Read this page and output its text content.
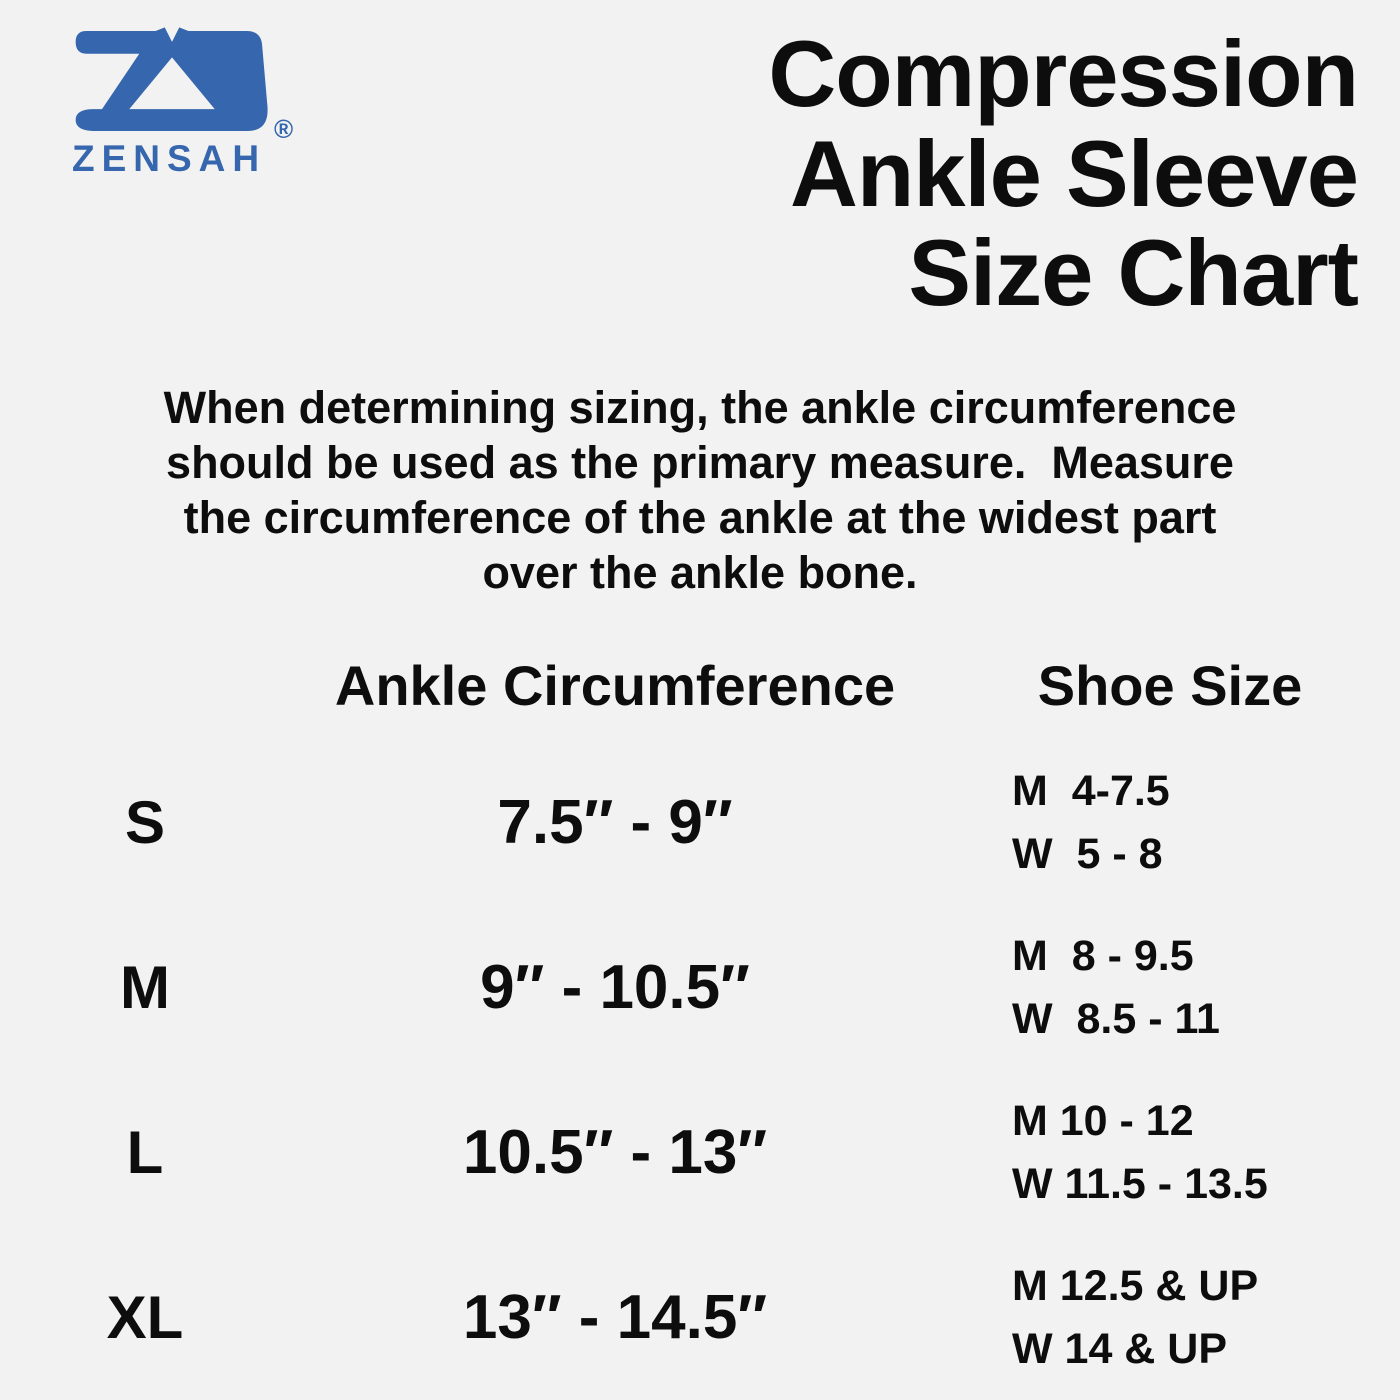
®
ZENSAH
Compression
Ankle Sleeve
Size Chart
When determining sizing, the ankle circumference
should be used as the primary measure.  Measure
the circumference of the ankle at the widest part
over the ankle bone.
Ankle Circumference	Shoe Size
S	7.5″ - 9″	M  4-7.5
W  5 - 8
M	9″ - 10.5″	M  8 - 9.5
W  8.5 - 11
L	10.5″ - 13″	M 10 - 12
W 11.5 - 13.5
XL	13″ - 14.5″	M 12.5 & UP
W 14 & UP
